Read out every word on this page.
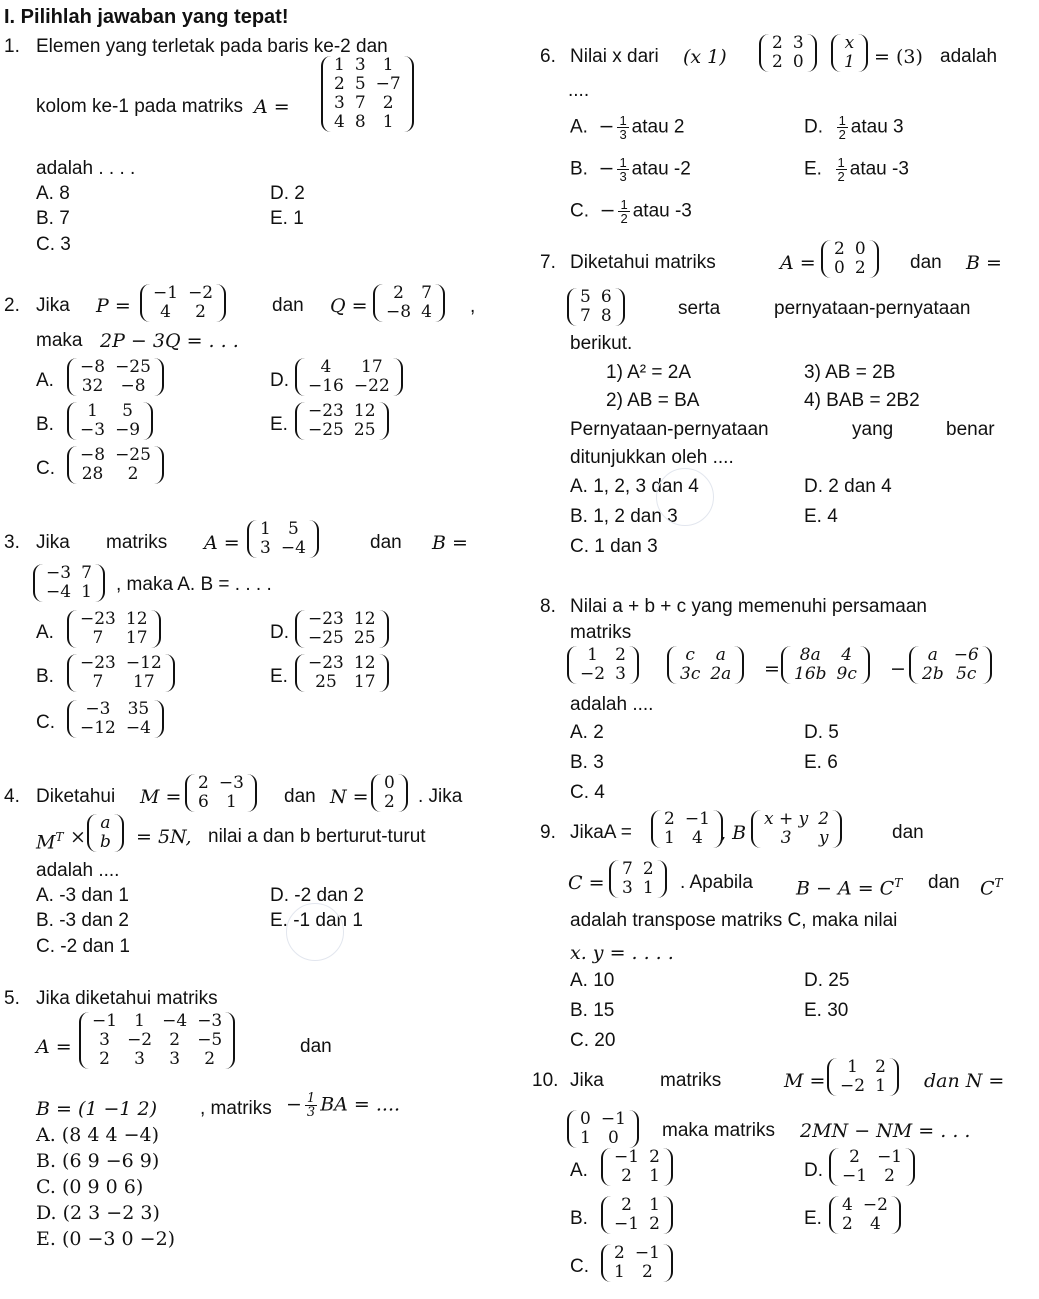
I. Pilihlah jawaban yang tepat!
1. Elemen yang terletak pada baris ke-2 dan
kolom ke-1 pada matriks A =
1	3	1
2	5	−7
3	7	2
4	8	1
adalah . . . .
A. 8
B. 7
C. 3
D. 2
E. 1
2. Jika P =
−1	−2
4	2	dan Q =
2	7
−8	4 ,
maka 2P − 3Q = . . .
A.
−8	−25
32	−8
B.
1	5
−3	−9
C.
−8	−25
28	2
D.
4	17
−16	−22
E.
−23	12
−25	25
3. Jika matriks A =
1	5
3	−4	dan B =
−3	7
−4	1 , maka A. B = . . . .
A.
−23	12
7	17
B.
−23	−12
7	17
C.
−3	35
−12	−4
D.
−23	12
−25	25
E.
−23	12
25	17
4. Diketahui M =
2	−3
6	1 dan N =
0
2 . Jika
$M^T$ ×
a
b = 5N, nilai a dan b berturut-turut
adalah ....
A. -3 dan 1
B. -3 dan 2
C. -2 dan 1
D. -2 dan 2
E. -1 dan 1
5. Jika diketahui matriks
A =
−1	1	−4	−3
3	−2	2	−5
2	3	3	2
dan
B = (1 −1 2) , matriks − $\frac{1}{3}$ BA = ....
A. (8 4 4 −4)
B. (6 9 −6 9)
C. (0 9 0 6)
D. (2 3 −2 3)
E. (0 −3 0 −2)
6. Nilai x dari (x 1)
2	3
2	0
x
1 = (3) adalah
....
A. − $\frac{1}{3}$ atau 2
B. − $\frac{1}{3}$ atau -2
C. − $\frac{1}{2}$ atau -3
D. $\frac{1}{2}$ atau 3
E. $\frac{1}{2}$ atau -3
7. Diketahui matriks	A =
2	0
0	2 dan B =
5	6
7	8	serta	pernyataan-pernyataan
berikut.
1) A² = 2A
2) AB = BA
3) AB = 2B
4) BAB = 2B2
Pernyataan-pernyataan	yang	benar
ditunjukkan oleh ....
A. 1, 2, 3 dan 4
B. 1, 2 dan 3
C. 1 dan 3
D. 2 dan 4
E. 4
8. Nilai a + b + c yang memenuhi persamaan
matriks
1	2
−2	3
c	a
3c	2a =
8a	4
16b	9c −
a	−6
2b	5c
adalah ....
A. 2
B. 3
C. 4
D. 5
E. 6
9. JikaA =
2	−1
1	4 , B
x + y	2
3	y	dan
C =
7	2
3	1 . Apabila $B - A = C^T$ dan $C^T$
adalah transpose matriks C, maka nilai
x. y = . . . .
A. 10
B. 15
C. 20
D. 25
E. 30
10. Jika	matriks	M =
1	2
−2	1 dan N =
0	−1
1	0 maka matriks 2MN − NM = . . .
A.
−1	2
2	1
B.
2	1
−1	2
C.
2	−1
1	2
D.
2	−1
−1	2
E.
4	−2
2	4
